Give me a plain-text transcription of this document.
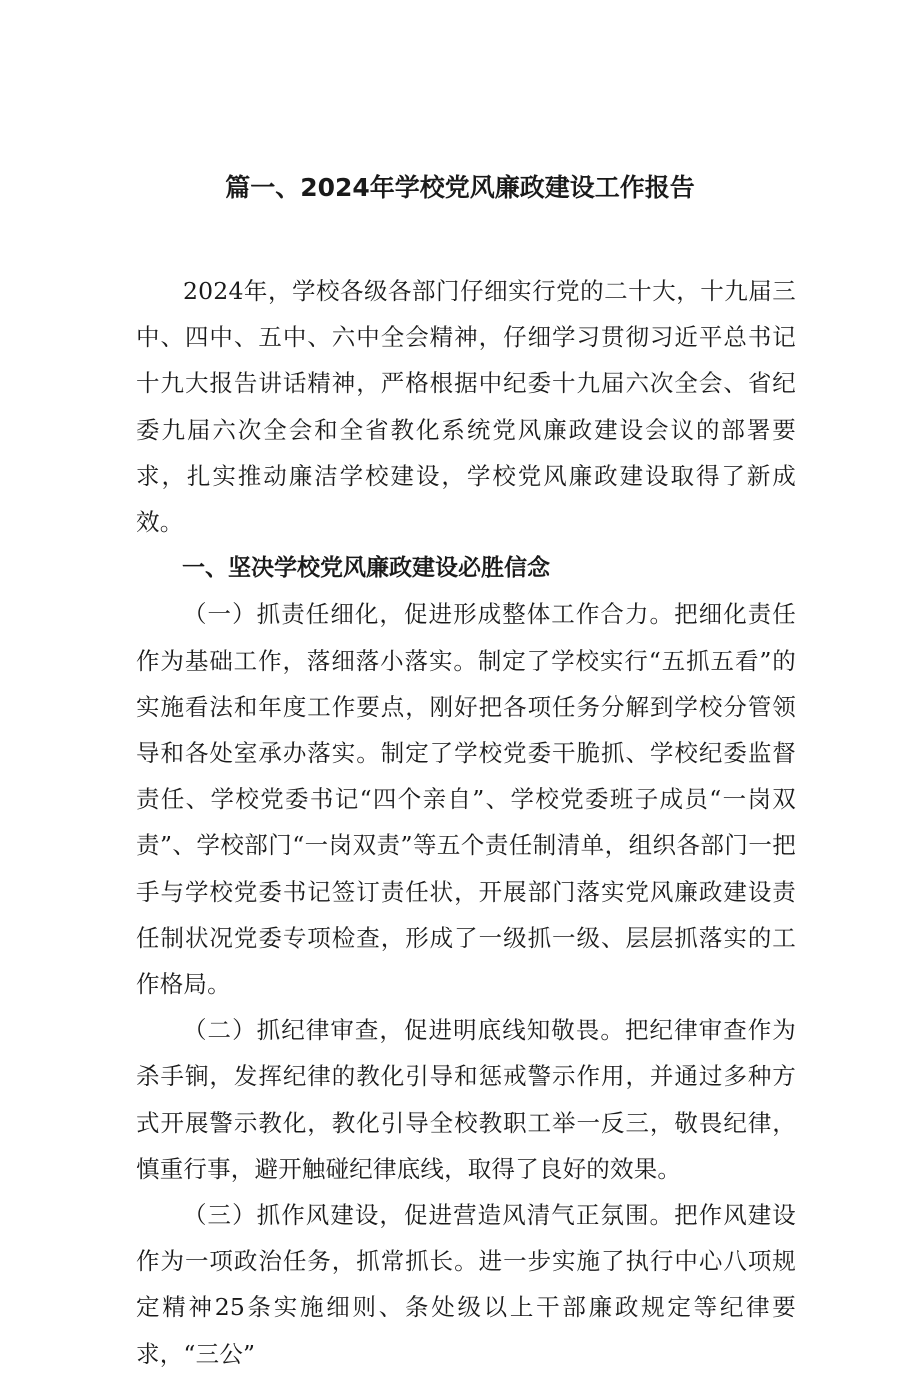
篇一、2024年学校党风廉政建设工作报告

2024年，学校各级各部门仔细实行党的二十大，十九届三中、四中、五中、六中全会精神，仔细学习贯彻习近平总书记十九大报告讲话精神，严格根据中纪委十九届六次全会、省纪委九届六次全会和全省教化系统党风廉政建设会议的部署要求，扎实推动廉洁学校建设，学校党风廉政建设取得了新成效。

一、坚决学校党风廉政建设必胜信念

（一）抓责任细化，促进形成整体工作合力。把细化责任作为基础工作，落细落小落实。制定了学校实行“五抓五看”的实施看法和年度工作要点，刚好把各项任务分解到学校分管领导和各处室承办落实。制定了学校党委干脆抓、学校纪委监督责任、学校党委书记“四个亲自”、学校党委班子成员“一岗双责”、学校部门“一岗双责”等五个责任制清单，组织各部门一把手与学校党委书记签订责任状，开展部门落实党风廉政建设责任制状况党委专项检查，形成了一级抓一级、层层抓落实的工作格局。

（二）抓纪律审查，促进明底线知敬畏。把纪律审查作为杀手锏，发挥纪律的教化引导和惩戒警示作用，并通过多种方式开展警示教化，教化引导全校教职工举一反三，敬畏纪律，慎重行事，避开触碰纪律底线，取得了良好的效果。

（三）抓作风建设，促进营造风清气正氛围。把作风建设作为一项政治任务，抓常抓长。进一步实施了执行中心八项规定精神25条实施细则、条处级以上干部廉政规定等纪律要求，“三公”
